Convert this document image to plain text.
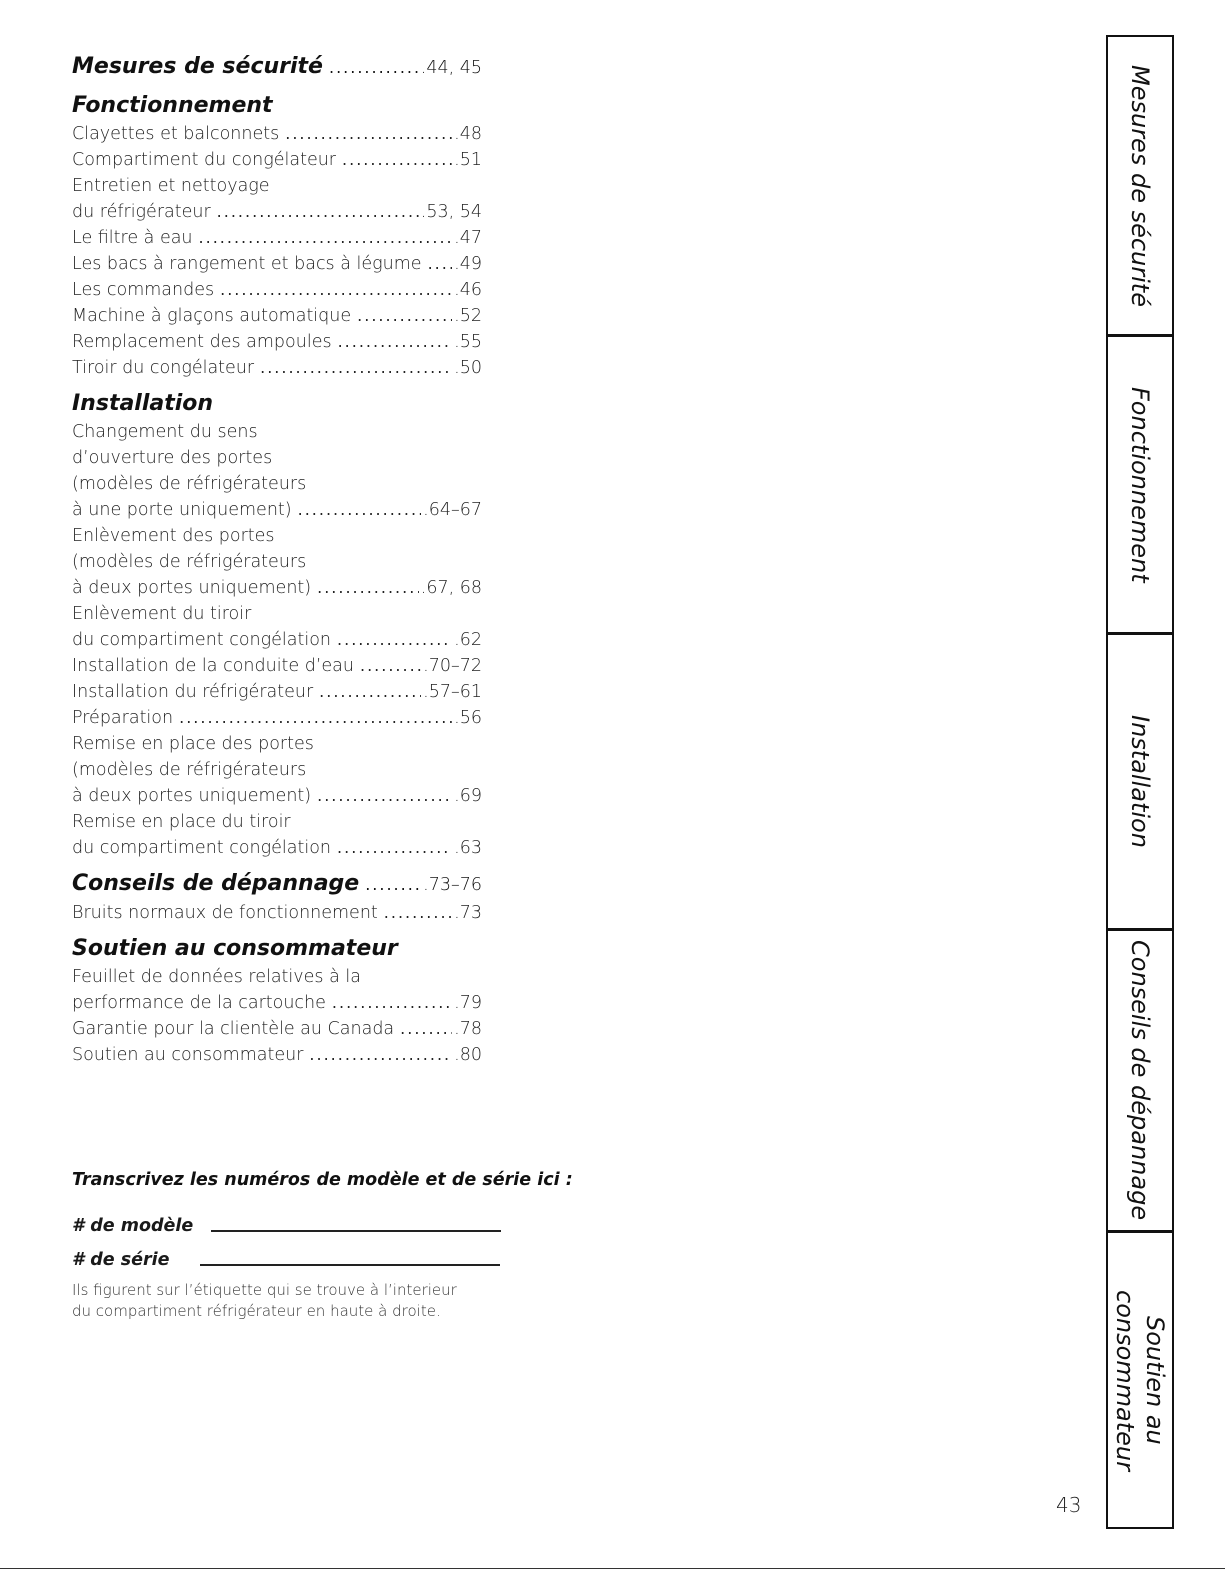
Mesures de sécurité .....	.44, 45
Fonctionnement
Clayettes et balconnets .....	.48
Compartiment du congélateur .....	.51
Entretien et nettoyage
du réfrigérateur .....	.53, 54
Le filtre à eau .....	.47
Les bacs à rangement et bacs à légume ..... .49
Les commandes .....	.46
Machine à glaçons automatique .....	.52
Remplacement des ampoules .....	.55
Tiroir du congélateur .....	.50
Installation
Changement du sens
d’ouverture des portes
(modèles de réfrigérateurs
à une porte uniquement) .....	.64–67
Enlèvement des portes
(modèles de réfrigérateurs
à deux portes uniquement) .....	.67, 68
Enlèvement du tiroir
du compartiment congélation .....	.62
Installation de la conduite d’eau .....	.70–72
Installation du réfrigérateur .....	.57–61
Préparation .....	.56
Remise en place des portes
(modèles de réfrigérateurs
à deux portes uniquement) .....	.69
Remise en place du tiroir
du compartiment congélation .....	.63
Conseils de dépannage .....	.73–76
Bruits normaux de fonctionnement .....	.73
Soutien au consommateur
Feuillet de données relatives à la
performance de la cartouche .....	.79
Garantie pour la clientèle au Canada .....	.78
Soutien au consommateur .....	.80
Transcrivez les numéros de modèle et de série ici :
# de modèle
# de série
Ils figurent sur l’étiquette qui se trouve à l’interieur
du compartiment réfrigérateur en haute à droite.
Mesures de sécurité
Fonctionnement
Installation
Conseils de dépannage
Soutien au
consommateur
43
